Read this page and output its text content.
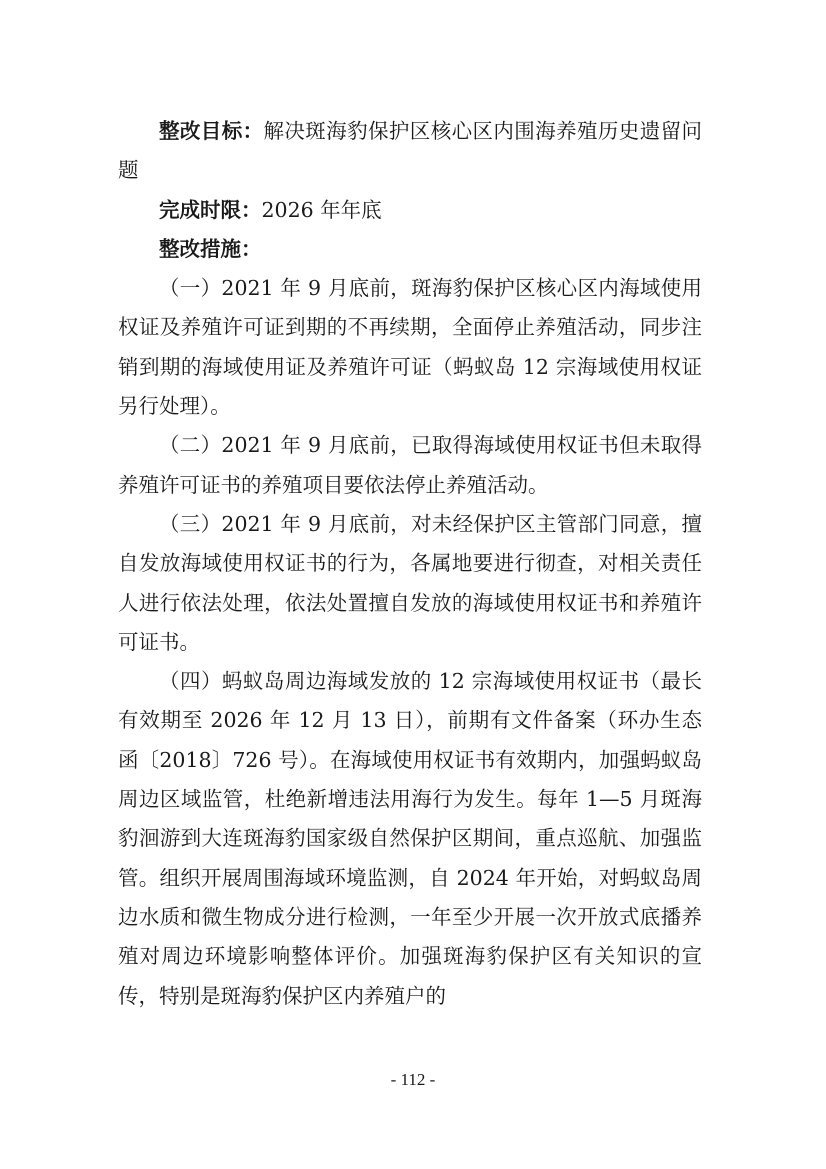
整改目标：解决斑海豹保护区核心区内围海养殖历史遗留问题

完成时限：2026 年年底

整改措施：

（一）2021 年 9 月底前，斑海豹保护区核心区内海域使用权证及养殖许可证到期的不再续期，全面停止养殖活动，同步注销到期的海域使用证及养殖许可证（蚂蚁岛 12 宗海域使用权证另行处理）。

（二）2021 年 9 月底前，已取得海域使用权证书但未取得养殖许可证书的养殖项目要依法停止养殖活动。

（三）2021 年 9 月底前，对未经保护区主管部门同意，擅自发放海域使用权证书的行为，各属地要进行彻查，对相关责任人进行依法处理，依法处置擅自发放的海域使用权证书和养殖许可证书。

（四）蚂蚁岛周边海域发放的 12 宗海域使用权证书（最长有效期至 2026 年 12 月 13 日），前期有文件备案（环办生态函〔2018〕726 号）。在海域使用权证书有效期内，加强蚂蚁岛周边区域监管，杜绝新增违法用海行为发生。每年 1—5 月斑海豹洄游到大连斑海豹国家级自然保护区期间，重点巡航、加强监管。组织开展周围海域环境监测，自 2024 年开始，对蚂蚁岛周边水质和微生物成分进行检测，一年至少开展一次开放式底播养殖对周边环境影响整体评价。加强斑海豹保护区有关知识的宣传，特别是斑海豹保护区内养殖户的

- 112 -
